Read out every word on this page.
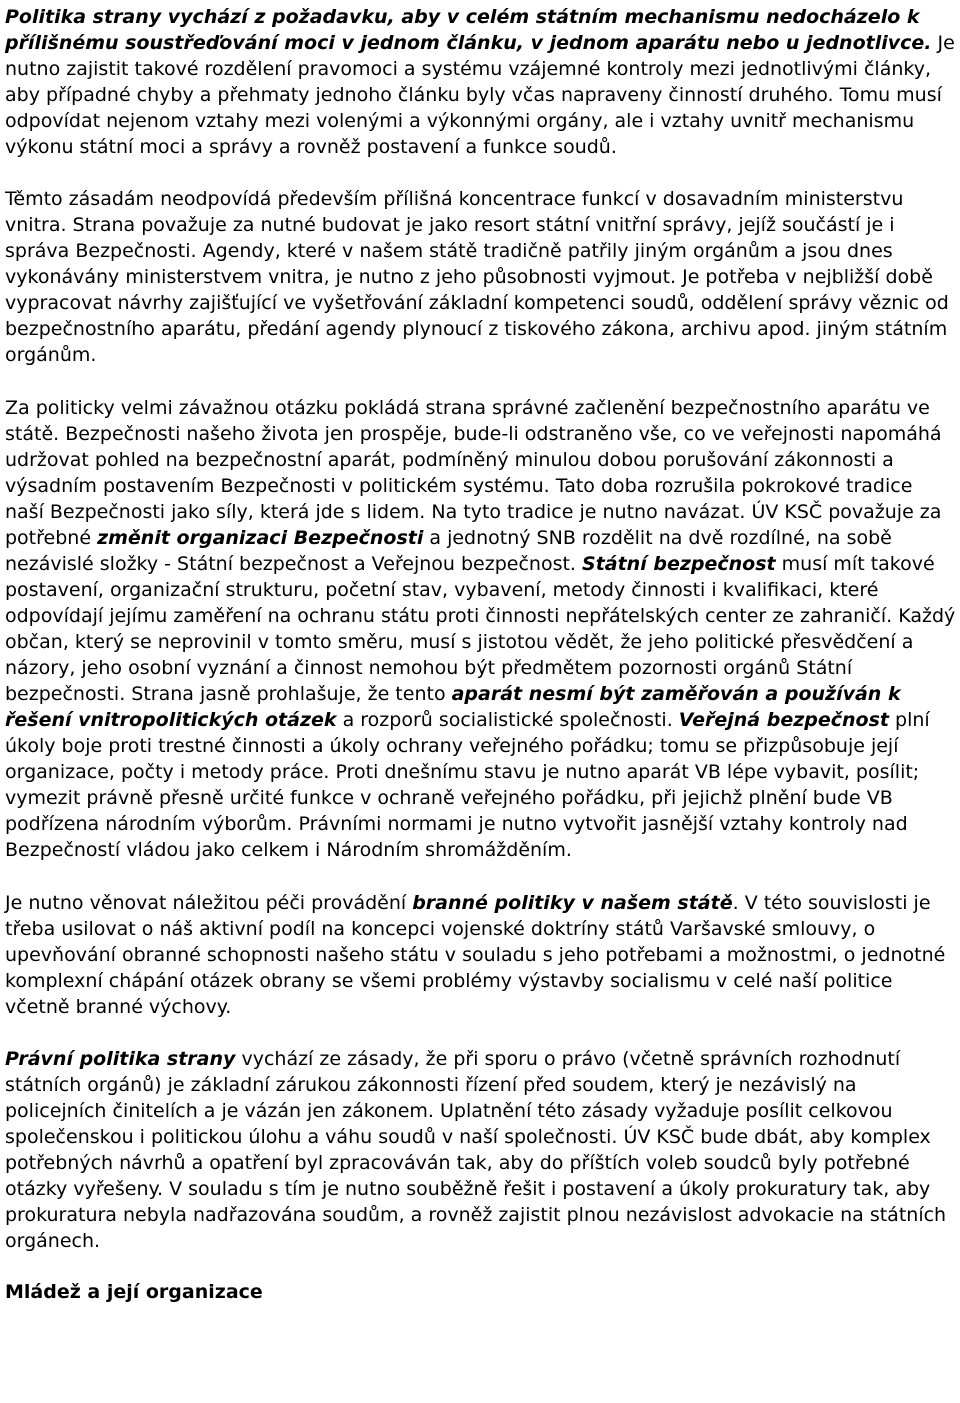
Politika strany vychází z požadavku, aby v celém státním mechanismu nedocházelo k přílišnému soustřeďování moci v jednom článku, v jednom aparátu nebo u jednotlivce. Je nutno zajistit takové rozdělení pravomoci a systému vzájemné kontroly mezi jednotlivými články, aby případné chyby a přehmaty jednoho článku byly včas napraveny činností druhého. Tomu musí odpovídat nejenom vztahy mezi volenými a výkonnými orgány, ale i vztahy uvnitř mechanismu výkonu státní moci a správy a rovněž postavení a funkce soudů.

Těmto zásadám neodpovídá především přílišná koncentrace funkcí v dosavadním ministerstvu vnitra. Strana považuje za nutné budovat je jako resort státní vnitřní správy, jejíž součástí je i správa Bezpečnosti. Agendy, které v našem státě tradičně patřily jiným orgánům a jsou dnes vykonávány ministerstvem vnitra, je nutno z jeho působnosti vyjmout. Je potřeba v nejbližší době vypracovat návrhy zajišťující ve vyšetřování základní kompetenci soudů, oddělení správy věznic od bezpečnostního aparátu, předání agendy plynoucí z tiskového zákona, archivu apod. jiným státním orgánům.

Za politicky velmi závažnou otázku pokládá strana správné začlenění bezpečnostního aparátu ve státě. Bezpečnosti našeho života jen prospěje, bude-li odstraněno vše, co ve veřejnosti napomáhá udržovat pohled na bezpečnostní aparát, podmíněný minulou dobou porušování zákonnosti a výsadním postavením Bezpečnosti v politickém systému. Tato doba rozrušila pokrokové tradice naší Bezpečnosti jako síly, která jde s lidem. Na tyto tradice je nutno navázat. ÚV KSČ považuje za potřebné změnit organizaci Bezpečnosti a jednotný SNB rozdělit na dvě rozdílné, na sobě nezávislé složky - Státní bezpečnost a Veřejnou bezpečnost. Státní bezpečnost musí mít takové postavení, organizační strukturu, početní stav, vybavení, metody činnosti i kvalifikaci, které odpovídají jejímu zaměření na ochranu státu proti činnosti nepřátelských center ze zahraničí. Každý občan, který se neprovinil v tomto směru, musí s jistotou vědět, že jeho politické přesvědčení a názory, jeho osobní vyznání a činnost nemohou být předmětem pozornosti orgánů Státní bezpečnosti. Strana jasně prohlašuje, že tento aparát nesmí být zaměřován a používán k řešení vnitropolitických otázek a rozporů socialistické společnosti. Veřejná bezpečnost plní úkoly boje proti trestné činnosti a úkoly ochrany veřejného pořádku; tomu se přizpůsobuje její organizace, počty i metody práce. Proti dnešnímu stavu je nutno aparát VB lépe vybavit, posílit; vymezit právně přesně určité funkce v ochraně veřejného pořádku, při jejichž plnění bude VB podřízena národním výborům. Právními normami je nutno vytvořit jasnější vztahy kontroly nad Bezpečností vládou jako celkem i Národním shromážděním.

Je nutno věnovat náležitou péči provádění branné politiky v našem státě. V této souvislosti je třeba usilovat o náš aktivní podíl na koncepci vojenské doktríny států Varšavské smlouvy, o upevňování obranné schopnosti našeho státu v souladu s jeho potřebami a možnostmi, o jednotné komplexní chápání otázek obrany se všemi problémy výstavby socialismu v celé naší politice včetně branné výchovy.

Právní politika strany vychází ze zásady, že při sporu o právo (včetně správních rozhodnutí státních orgánů) je základní zárukou zákonnosti řízení před soudem, který je nezávislý na policejních činitelích a je vázán jen zákonem. Uplatnění této zásady vyžaduje posílit celkovou společenskou i politickou úlohu a váhu soudů v naší společnosti. ÚV KSČ bude dbát, aby komplex potřebných návrhů a opatření byl zpracováván tak, aby do příštích voleb soudců byly potřebné otázky vyřešeny. V souladu s tím je nutno souběžně řešit i postavení a úkoly prokuratury tak, aby prokuratura nebyla nadřazována soudům, a rovněž zajistit plnou nezávislost advokacie na státních orgánech.

Mládež a její organizace
